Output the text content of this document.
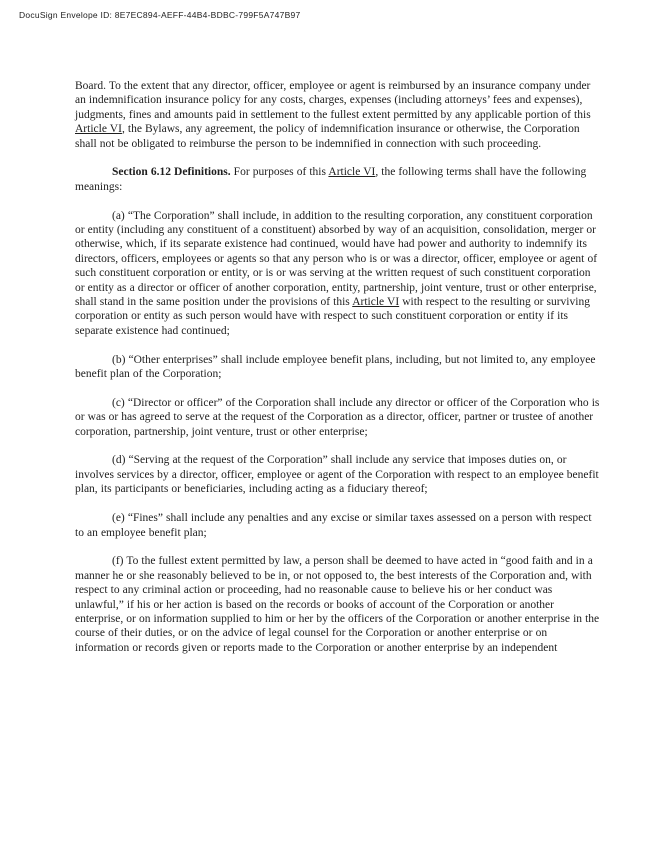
DocuSign Envelope ID: 8E7EC894-AEFF-44B4-BDBC-799F5A747B97

Board. To the extent that any director, officer, employee or agent is reimbursed by an insurance company under an indemnification insurance policy for any costs, charges, expenses (including attorneys’ fees and expenses), judgments, fines and amounts paid in settlement to the fullest extent permitted by any applicable portion of this Article VI, the Bylaws, any agreement, the policy of indemnification insurance or otherwise, the Corporation shall not be obligated to reimburse the person to be indemnified in connection with such proceeding.

Section 6.12 Definitions. For purposes of this Article VI, the following terms shall have the following meanings:

(a) “The Corporation” shall include, in addition to the resulting corporation, any constituent corporation or entity (including any constituent of a constituent) absorbed by way of an acquisition, consolidation, merger or otherwise, which, if its separate existence had continued, would have had power and authority to indemnify its directors, officers, employees or agents so that any person who is or was a director, officer, employee or agent of such constituent corporation or entity, or is or was serving at the written request of such constituent corporation or entity as a director or officer of another corporation, entity, partnership, joint venture, trust or other enterprise, shall stand in the same position under the provisions of this Article VI with respect to the resulting or surviving corporation or entity as such person would have with respect to such constituent corporation or entity if its separate existence had continued;

(b) “Other enterprises” shall include employee benefit plans, including, but not limited to, any employee benefit plan of the Corporation;

(c) “Director or officer” of the Corporation shall include any director or officer of the Corporation who is or was or has agreed to serve at the request of the Corporation as a director, officer, partner or trustee of another corporation, partnership, joint venture, trust or other enterprise;

(d) “Serving at the request of the Corporation” shall include any service that imposes duties on, or involves services by a director, officer, employee or agent of the Corporation with respect to an employee benefit plan, its participants or beneficiaries, including acting as a fiduciary thereof;

(e) “Fines” shall include any penalties and any excise or similar taxes assessed on a person with respect to an employee benefit plan;

(f) To the fullest extent permitted by law, a person shall be deemed to have acted in “good faith and in a manner he or she reasonably believed to be in, or not opposed to, the best interests of the Corporation and, with respect to any criminal action or proceeding, had no reasonable cause to believe his or her conduct was unlawful,” if his or her action is based on the records or books of account of the Corporation or another enterprise, or on information supplied to him or her by the officers of the Corporation or another enterprise in the course of their duties, or on the advice of legal counsel for the Corporation or another enterprise or on information or records given or reports made to the Corporation or another enterprise by an independent
